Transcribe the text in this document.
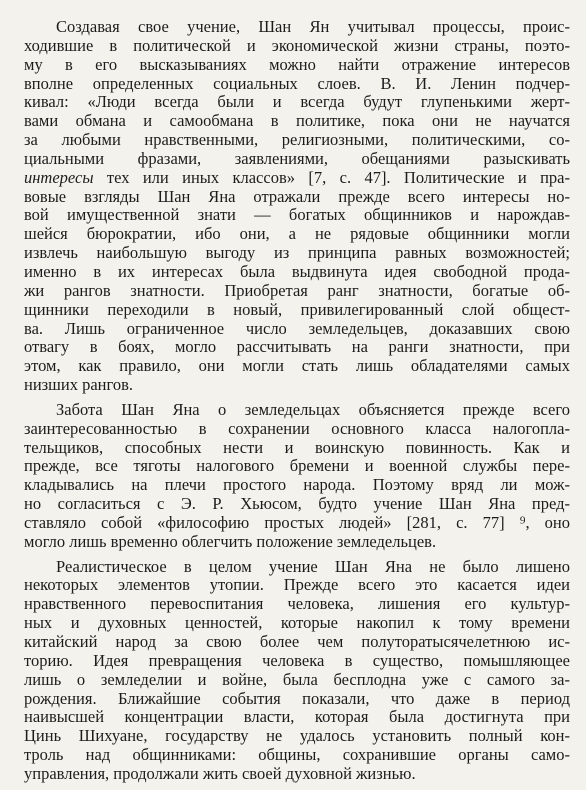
Создавая свое учение, Шан Ян учитывал процессы, проис-
ходившие в политической и экономической жизни страны, поэто-
му в его высказываниях можно найти отражение интересов
вполне определенных социальных слоев. В. И. Ленин подчер-
кивал: «Люди всегда были и всегда будут глупенькими жерт-
вами обмана и самообмана в политике, пока они не научатся
за любыми нравственными, религиозными, политическими, со-
циальными фразами, заявлениями, обещаниями разыскивать
интересы тех или иных классов» [7, с. 47]. Политические и пра-
вовые взгляды Шан Яна отражали прежде всего интересы но-
вой имущественной знати — богатых общинников и нарождав-
шейся бюрократии, ибо они, а не рядовые общинники могли
извлечь наибольшую выгоду из принципа равных возможностей;
именно в их интересах была выдвинута идея свободной прода-
жи рангов знатности. Приобретая ранг знатности, богатые об-
щинники переходили в новый, привилегированный слой общест-
ва. Лишь ограниченное число земледельцев, доказавших свою
отвагу в боях, могло рассчитывать на ранги знатности, при
этом, как правило, они могли стать лишь обладателями самых
низших рангов.
Забота Шан Яна о земледельцах объясняется прежде всего
заинтересованностью в сохранении основного класса налогопла-
тельщиков, способных нести и воинскую повинность. Как и
прежде, все тяготы налогового бремени и военной службы пере-
кладывались на плечи простого народа. Поэтому вряд ли мож-
но согласиться с Э. Р. Хьюсом, будто учение Шан Яна пред-
ставляло собой «философию простых людей» [281, с. 77] ⁹, оно
могло лишь временно облегчить положение земледельцев.
Реалистическое в целом учение Шан Яна не было лишено
некоторых элементов утопии. Прежде всего это касается идеи
нравственного перевоспитания человека, лишения его культур-
ных и духовных ценностей, которые накопил к тому времени
китайский народ за свою более чем полуторатысячелетнюю ис-
торию. Идея превращения человека в существо, помышляющее
лишь о земледелии и войне, была бесплодна уже с самого за-
рождения. Ближайшие события показали, что даже в период
наивысшей концентрации власти, которая была достигнута при
Цинь Шихуане, государству не удалось установить полный кон-
троль над общинниками: общины, сохранившие органы само-
управления, продолжали жить своей духовной жизнью.
